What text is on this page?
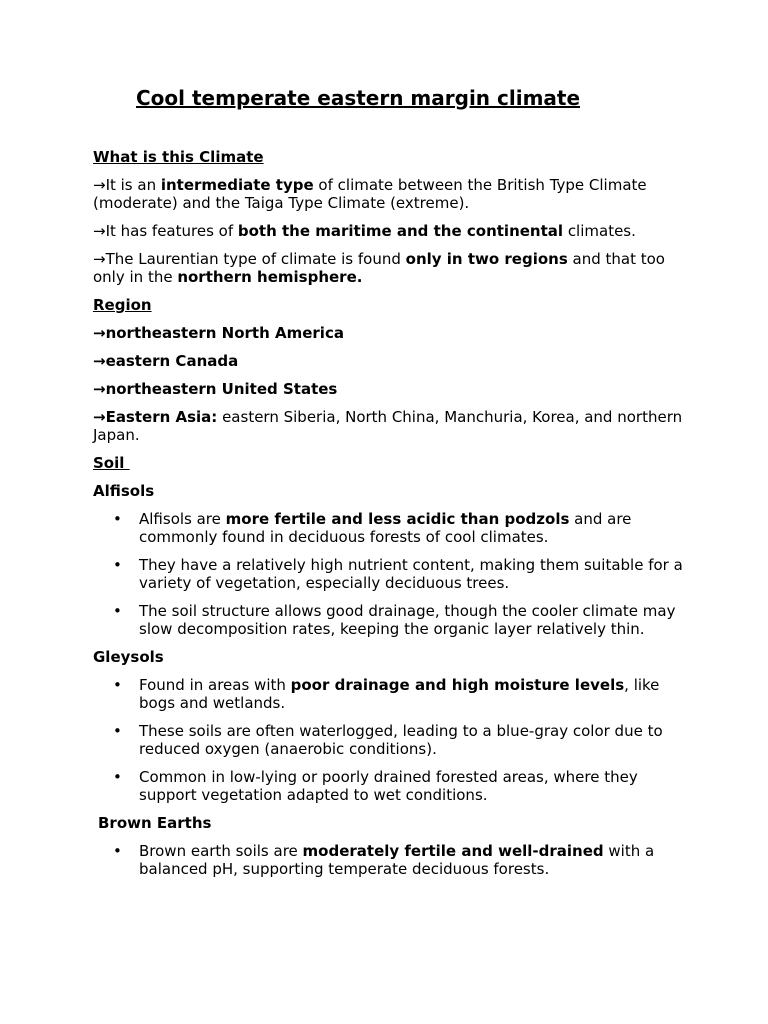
Cool temperate eastern margin climate

What is this Climate

→It is an intermediate type of climate between the British Type Climate (moderate) and the Taiga Type Climate (extreme).

→It has features of both the maritime and the continental climates.

→The Laurentian type of climate is found only in two regions and that too only in the northern hemisphere.

Region

→northeastern North America

→eastern Canada

→northeastern United States

→Eastern Asia: eastern Siberia, North China, Manchuria, Korea, and northern Japan.

Soil

Alfisols

• Alfisols are more fertile and less acidic than podzols and are commonly found in deciduous forests of cool climates.
• They have a relatively high nutrient content, making them suitable for a variety of vegetation, especially deciduous trees.
• The soil structure allows good drainage, though the cooler climate may slow decomposition rates, keeping the organic layer relatively thin.

Gleysols

• Found in areas with poor drainage and high moisture levels, like bogs and wetlands.
• These soils are often waterlogged, leading to a blue-gray color due to reduced oxygen (anaerobic conditions).
• Common in low-lying or poorly drained forested areas, where they support vegetation adapted to wet conditions.

Brown Earths

• Brown earth soils are moderately fertile and well-drained with a balanced pH, supporting temperate deciduous forests.
